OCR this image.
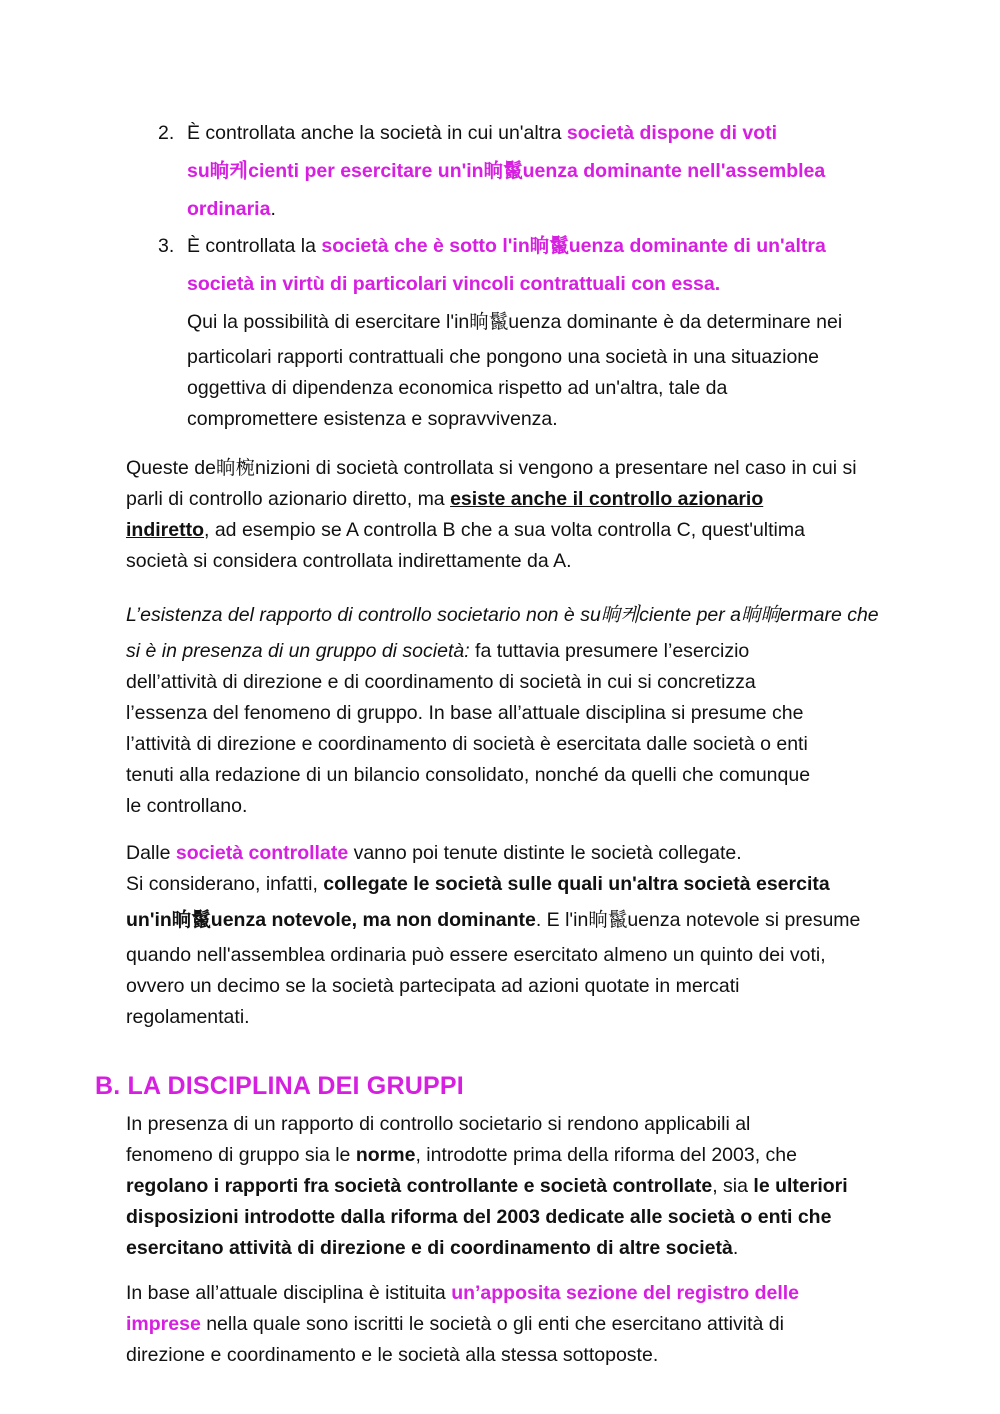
2. È controllata anche la società in cui un'altra società dispone di voti
su晌케cienti per esercitare un'in晌鬣uenza dominante nell'assemblea
ordinaria.
3. È controllata la società che è sotto l'in晌鬣uenza dominante di un'altra
società in virtù di particolari vincoli contrattuali con essa.
Qui la possibilità di esercitare l'in晌鬣uenza dominante è da determinare nei
particolari rapporti contrattuali che pongono una società in una situazione
oggettiva di dipendenza economica rispetto ad un'altra, tale da
compromettere esistenza e sopravvivenza.
Queste de晌椀nizioni di società controllata si vengono a presentare nel caso in cui si
parli di controllo azionario diretto, ma esiste anche il controllo azionario
indiretto, ad esempio se A controlla B che a sua volta controlla C, quest'ultima
società si considera controllata indirettamente da A.
L’esistenza del rapporto di controllo societario non è su晌케ciente per a晌晌ermare che
si è in presenza di un gruppo di società: fa tuttavia presumere l’esercizio
dell’attività di direzione e di coordinamento di società in cui si concretizza
l’essenza del fenomeno di gruppo. In base all’attuale disciplina si presume che
l’attività di direzione e coordinamento di società è esercitata dalle società o enti
tenuti alla redazione di un bilancio consolidato, nonché da quelli che comunque
le controllano.
Dalle società controllate vanno poi tenute distinte le società collegate.
Si considerano, infatti, collegate le società sulle quali un'altra società esercita
un'in晌鬣uenza notevole, ma non dominante. E l'in晌鬣uenza notevole si presume
quando nell'assemblea ordinaria può essere esercitato almeno un quinto dei voti,
ovvero un decimo se la società partecipata ad azioni quotate in mercati
regolamentati.
B. LA DISCIPLINA DEI GRUPPI
In presenza di un rapporto di controllo societario si rendono applicabili al
fenomeno di gruppo sia le norme, introdotte prima della riforma del 2003, che
regolano i rapporti fra società controllante e società controllate, sia le ulteriori
disposizioni introdotte dalla riforma del 2003 dedicate alle società o enti che
esercitano attività di direzione e di coordinamento di altre società.
In base all’attuale disciplina è istituita un’apposita sezione del registro delle
imprese nella quale sono iscritti le società o gli enti che esercitano attività di
direzione e coordinamento e le società alla stessa sottoposte.
